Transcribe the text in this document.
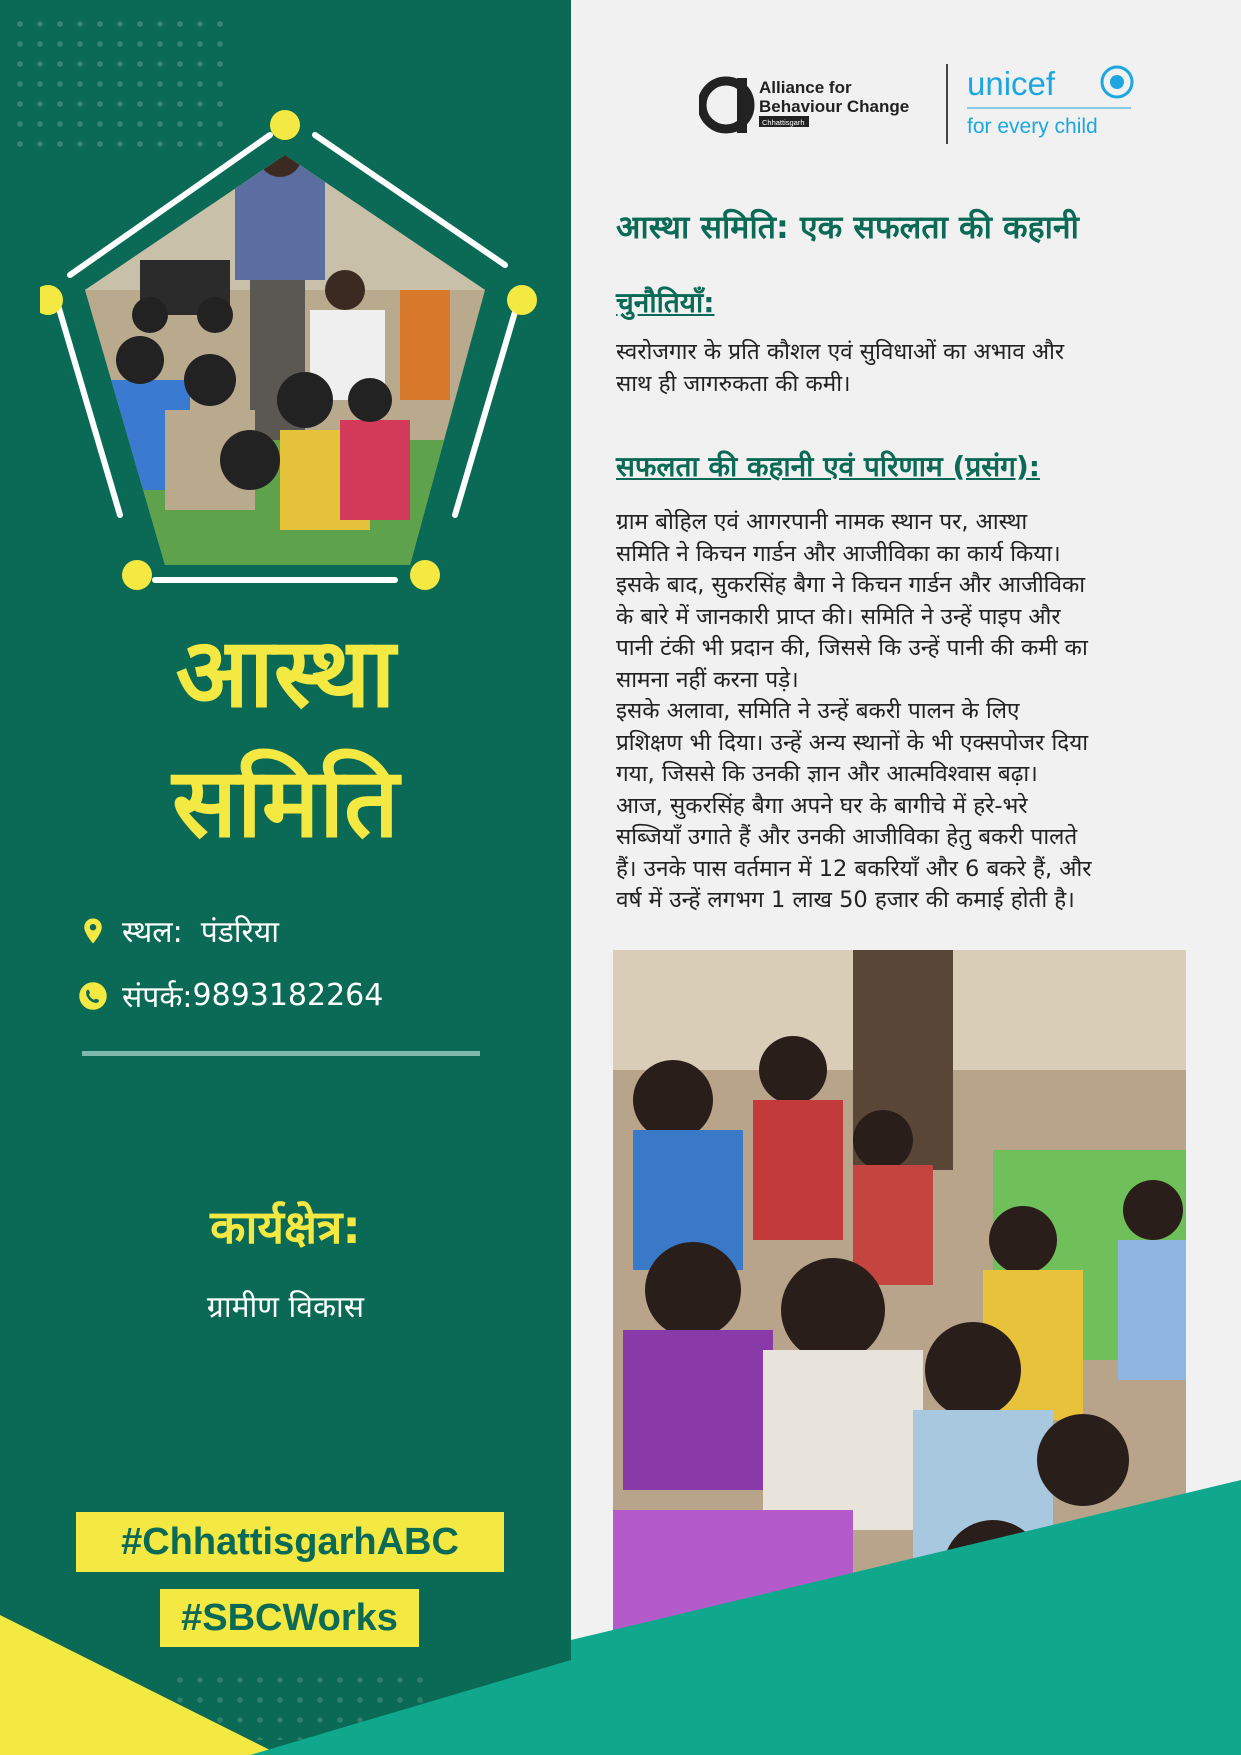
आस्था
समिति
स्थल: पंडरिया
संपर्क: 9893182264
कार्यक्षेत्र:
ग्रामीण विकास
#ChhattisgarhABC
#SBCWorks
Alliance for
Behaviour Change
Chhattisgarh
unicef
for every child
आस्था समिति: एक सफलता की कहानी
चुनौतियाँ:
स्वरोजगार के प्रति कौशल एवं सुविधाओं का अभाव और
साथ ही जागरुकता की कमी।
सफलता की कहानी एवं परिणाम (प्रसंग):
ग्राम बोहिल एवं आगरपानी नामक स्थान पर, आस्था
समिति ने किचन गार्डन और आजीविका का कार्य किया।
इसके बाद, सुकरसिंह बैगा ने किचन गार्डन और आजीविका
के बारे में जानकारी प्राप्त की। समिति ने उन्हें पाइप और
पानी टंकी भी प्रदान की, जिससे कि उन्हें पानी की कमी का
सामना नहीं करना पड़े।
इसके अलावा, समिति ने उन्हें बकरी पालन के लिए
प्रशिक्षण भी दिया। उन्हें अन्य स्थानों के भी एक्सपोजर दिया
गया, जिससे कि उनकी ज्ञान और आत्मविश्वास बढ़ा।
आज, सुकरसिंह बैगा अपने घर के बागीचे में हरे-भरे
सब्जियाँ उगाते हैं और उनकी आजीविका हेतु बकरी पालते
हैं। उनके पास वर्तमान में 12 बकरियाँ और 6 बकरे हैं, और
वर्ष में उन्हें लगभग 1 लाख 50 हजार की कमाई होती है।
